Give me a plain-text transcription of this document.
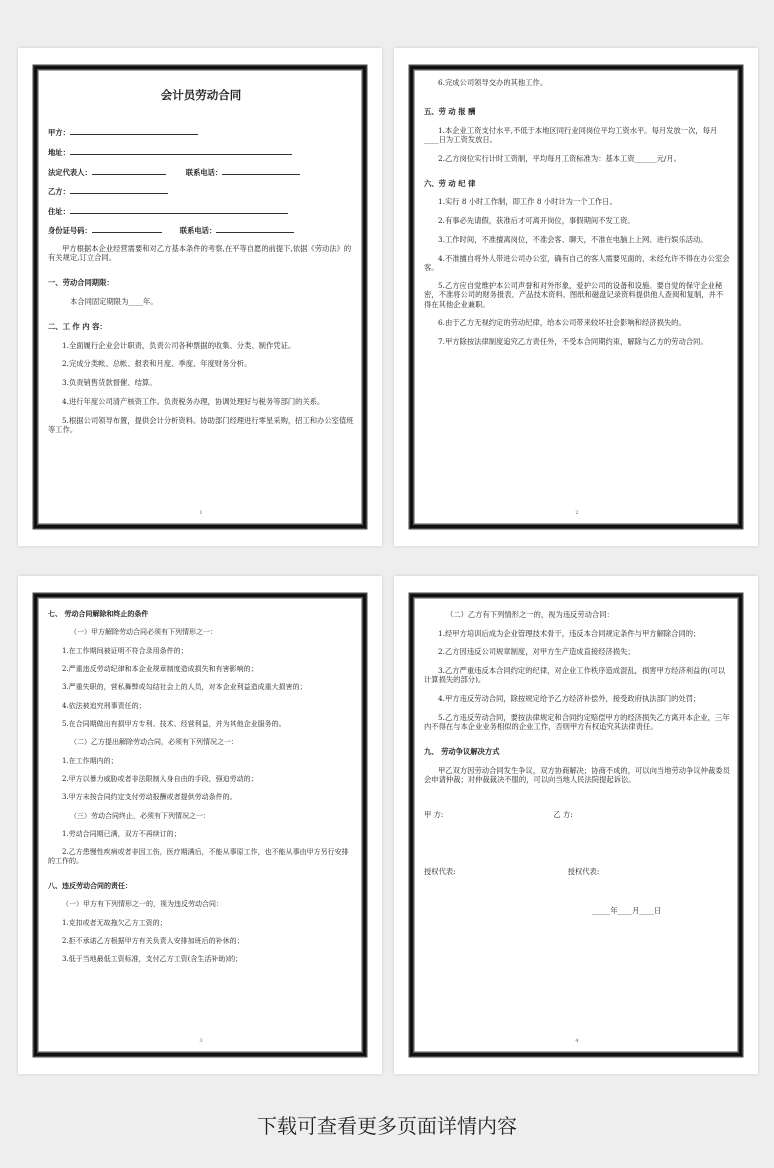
会计员劳动合同
甲方：
地址：
法定代表人：	联系电话：
乙方：
住址：
身份证号码：	联系电话：

甲方根据本企业经营需要和对乙方基本条件的考察,在平等自愿的前提下,依据《劳动法》的有关规定,订立合同。

一、劳动合同期限：

本合同固定期限为____年。

二、工 作 内 容：

1.全面履行企业会计职责，负责公司各种票据的收集、分类、制作凭证。

2.完成分类帐、总帐、报表和月度、季度、年度财务分析。

3.负责销售货款督催、结算。

4.进行年度公司清产核资工作。负责税务办理，协调处理好与税务等部门的关系。

5.根据公司领导布置，提供会计分析资料。协助部门经理进行零星采购，招工和办公室值班等工作。

1

6.完成公司领导交办的其他工作。

五、劳 动 报 酬

1.本企业工资支付水平,不低于本地区同行业同岗位平均工资水平。每月发放一次，每月____日为工资发放日。

2.乙方岗位实行计时工资制，平均每月工资标准为：基本工资______元/月。

六、劳 动 纪 律

1.实行 8 小时工作制，即工作 8 小时计为一个工作日。

2.有事必先请假，获准后才可离开岗位，事假期间不发工资。

3.工作时间，不准擅离岗位，不准会客、聊天，不准在电脑上上网、进行娱乐活动。

4.不准擅自将外人带进公司办公室，确有自己的客人需要见面的，未经允许不得在办公室会客。

5.乙方应自觉维护本公司声誉和对外形象，爱护公司的设备和设施。要自觉的保守企业秘密，不准将公司的财务报表、产品技术资料、图纸和磁盘记录资料提供他人查阅和复制，并不得在其他企业兼职。

6.由于乙方无视约定的劳动纪律，给本公司带来较坏社会影响和经济损失的。

7.甲方除按法律制度追究乙方责任外，不受本合同期约束，解除与乙方的劳动合同。

2

七、 劳动合同解除和终止的条件

（一）甲方解除劳动合同必须有下列情形之一：

1.在工作期间被证明不符合录用条件的；

2.严重违反劳动纪律和本企业规章制度造成损失和有害影响的；

3.严重失职的，营私舞弊或勾结社会上的人员，对本企业利益造成重大损害的；

4.依法被追究刑事责任的；

5.在合同期做出有损甲方专利、技术、经营利益，并为其他企业服务的。

（二）乙方提出解除劳动合同，必须有下列情况之一：

1.在工作期内的；

2.甲方以暴力威胁或者非法限制人身自由的手段，强迫劳动的；

3.甲方未按合同约定支付劳动报酬或者提供劳动条件的。

（三）劳动合同终止，必须有下列情况之一：

1.劳动合同期已满，双方不再续订的；

2.乙方患慢性疾病或者非因工伤，医疗期满后，不能从事原工作，也不能从事由甲方另行安排的工作的。

八、违反劳动合同的责任：

（一）甲方有下列情形之一的，视为违反劳动合同：

1.克扣或者无故拖欠乙方工资的；

2.拒不承诺乙方根据甲方有关负责人安排加班后的补休的；

3.低于当地最低工资标准，支付乙方工资(含生活补助)的；

3

（二）乙方有下列情形之一的，视为违反劳动合同：

1.经甲方培训后成为企业管理技术骨干，违反本合同规定条件与甲方解除合同的；

2.乙方因违反公司规章制度，对甲方生产造成直接经济损失；

3.乙方严重违反本合同约定的纪律，对企业工作秩序造成混乱，损害甲方经济利益的(可以计算损失的部分)。

4.甲方违反劳动合同，除按规定给予乙方经济补偿外，接受政府执法部门的处罚；

5.乙方违反劳动合同，要按法律规定和合同约定赔偿甲方的经济损失乙方离开本企业，三年内不得在与本企业业务相似的企业工作，否则甲方有权追究其法律责任。

九、 劳动争议解决方式

甲乙双方因劳动合同发生争议，双方协商解决；协商不成的，可以向当地劳动争议仲裁委员会申请仲裁；对仲裁裁决不服的，可以向当地人民法院提起诉讼。

甲 方:	乙 方:
授权代表:	授权代表:
_____年____月____日
4
下载可查看更多页面详情内容
